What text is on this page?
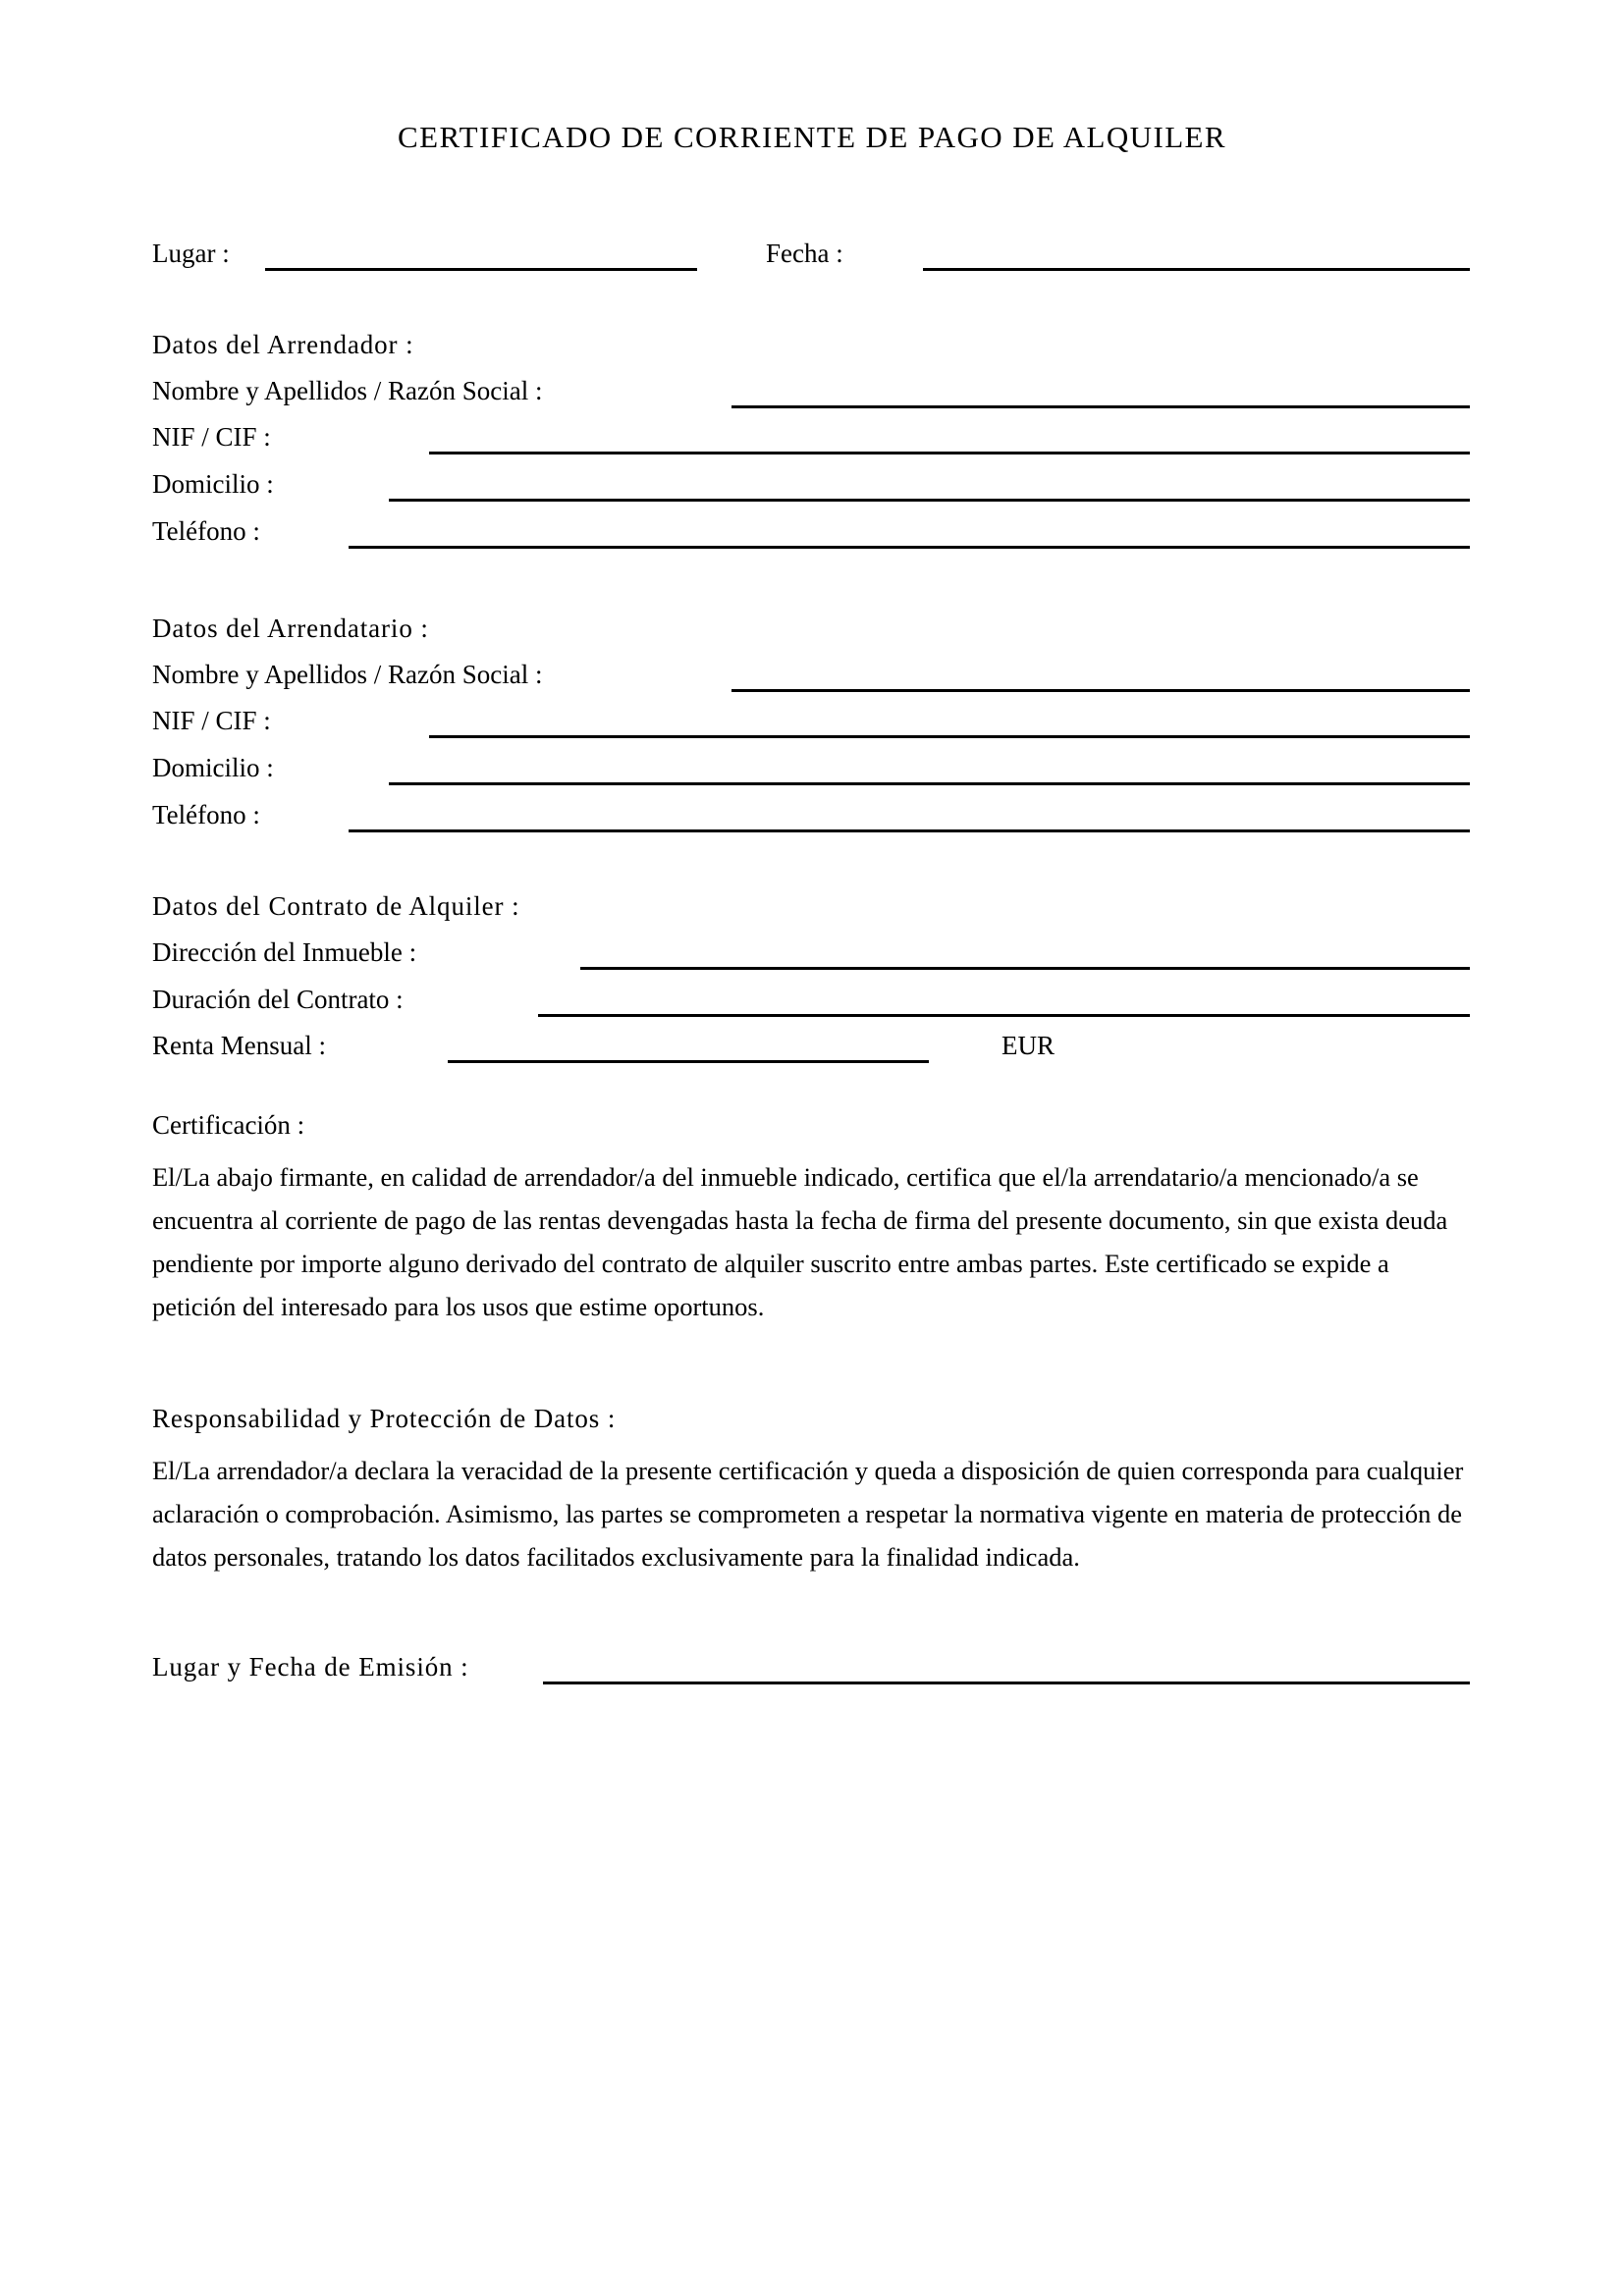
CERTIFICADO DE CORRIENTE DE PAGO DE ALQUILER
Lugar :	Fecha :
Datos del Arrendador :
Nombre y Apellidos / Razón Social :
NIF / CIF :
Domicilio :
Teléfono :
Datos del Arrendatario :
Nombre y Apellidos / Razón Social :
NIF / CIF :
Domicilio :
Teléfono :
Datos del Contrato de Alquiler :
Dirección del Inmueble :
Duración del Contrato :
Renta Mensual :	EUR
Certificación :
El/La abajo firmante, en calidad de arrendador/a del inmueble indicado, certifica que el/la arrendatario/a mencionado/a se encuentra al corriente de pago de las rentas devengadas hasta la fecha de firma del presente documento, sin que exista deuda pendiente por importe alguno derivado del contrato de alquiler suscrito entre ambas partes. Este certificado se expide a petición del interesado para los usos que estime oportunos.
Responsabilidad y Protección de Datos :
El/La arrendador/a declara la veracidad de la presente certificación y queda a disposición de quien corresponda para cualquier aclaración o comprobación. Asimismo, las partes se comprometen a respetar la normativa vigente en materia de protección de datos personales, tratando los datos facilitados exclusivamente para la finalidad indicada.
Lugar y Fecha de Emisión :
